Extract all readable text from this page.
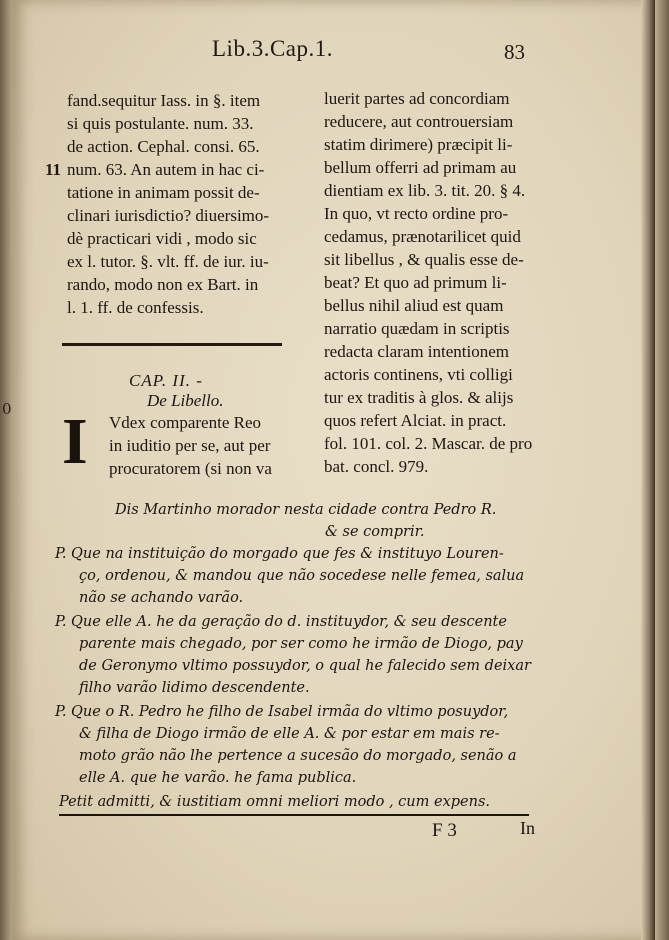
0
Lib.3.Cap.1.	83
fand.sequitur Iass. in §. item
si quis postulante. num. 33.
de action. Cephal. consi. 65.
num. 63. An autem in hac ci-
tatione in animam possit de-
clinari iurisdictio? diuersimo-
dè practicari vidi , modo sic
ex l. tutor. §. vlt. ff. de iur. iu-
rando, modo non ex Bart. in
l. 1. ff. de confessis.
CAP. II. -
De Libello.
Vdex comparente Reo
in iuditio per se, aut per
procuratorem (si non va
11
I
luerit partes ad concordiam
reducere, aut controuersiam
statim dirimere) præcipit li-
bellum offerri ad primam au
dientiam ex lib. 3. tit. 20. § 4.
In quo, vt recto ordine pro-
cedamus, prænotarilicet quid
sit libellus , & qualis esse de-
beat? Et quo ad primum li-
bellus nihil aliud est quam
narratio quædam in scriptis
redacta claram intentionem
actoris continens, vti colligi
tur ex traditis à glos. & alijs
quos refert Alciat. in pract.
fol. 101. col. 2. Mascar. de pro
bat. concl. 979.
Dis Martinho morador nesta cidade contra Pedro R.
& se comprir.
P. Que na instituição do morgado que fes & instituyo Louren-
ço, ordenou, & mandou que não socedese nelle femea, salua
não se achando varão.
P. Que elle A. he da geração do d. instituydor, & seu descente
parente mais chegado, por ser como he irmão de Diogo, pay
de Geronymo vltimo possuydor, o qual he falecido sem deixar
filho varão lidimo descendente.
P. Que o R. Pedro he filho de Isabel irmãa do vltimo posuydor,
& filha de Diogo irmão de elle A. & por estar em mais re-
moto grão não lhe pertence a sucesão do morgado, senão a
elle A. que he varão. he fama publica.
Petit admitti, & iustitiam omni meliori modo , cum expens.
F 3	In
